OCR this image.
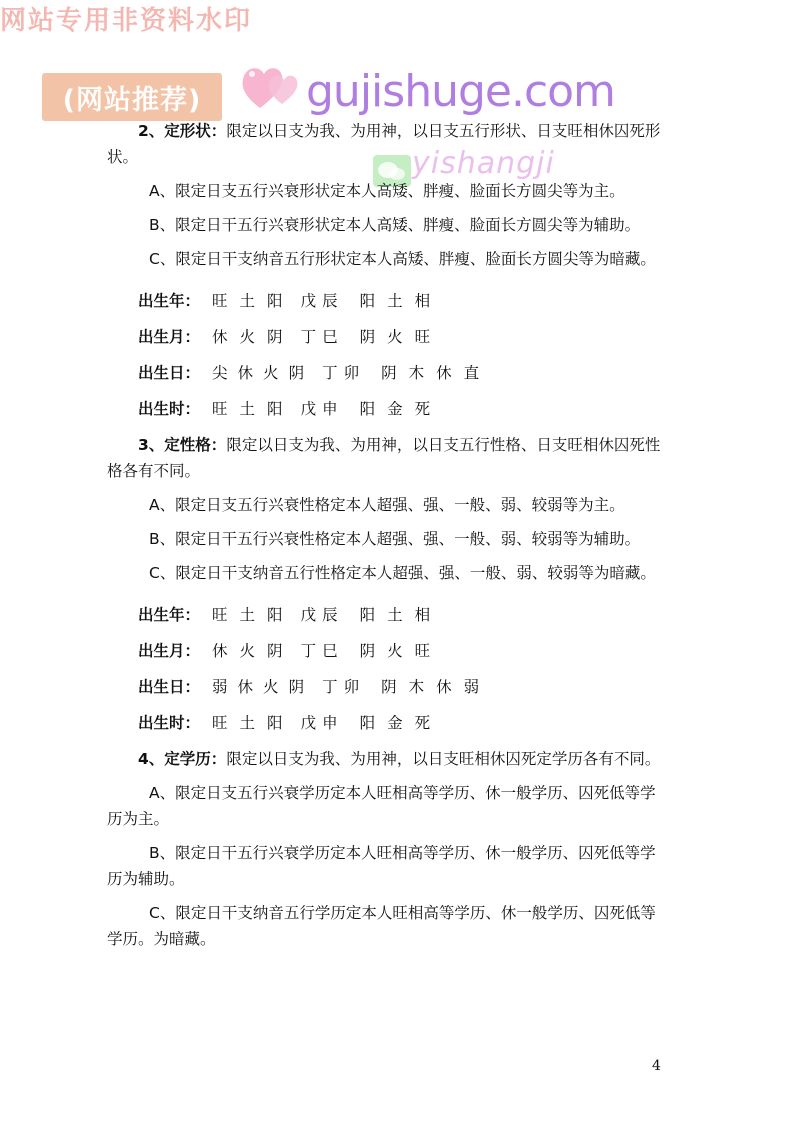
网站专用非资料水印
(网站推荐)	gujishuge.com
yishangji

2、定形状：限定以日支为我、为用神，以日支五行形状、日支旺相休囚死形状。

A、限定日支五行兴衰形状定本人高矮、胖瘦、脸面长方圆尖等为主。

B、限定日干五行兴衰形状定本人高矮、胖瘦、脸面长方圆尖等为辅助。

C、限定日干支纳音五行形状定本人高矮、胖瘦、脸面长方圆尖等为暗藏。

出生年： 旺 土 阳 戊 辰 阳 土 相
出生月： 休 火 阴 丁 巳 阴 火 旺
出生日： 尖 休 火 阴 丁 卯 阴 木 休 直
出生时： 旺 土 阳 戊 申 阳 金 死

3、定性格：限定以日支为我、为用神，以日支五行性格、日支旺相休囚死性格各有不同。

A、限定日支五行兴衰性格定本人超强、强、一般、弱、较弱等为主。

B、限定日干五行兴衰性格定本人超强、强、一般、弱、较弱等为辅助。

C、限定日干支纳音五行性格定本人超强、强、一般、弱、较弱等为暗藏。

出生年： 旺 土 阳 戊 辰 阳 土 相
出生月： 休 火 阴 丁 巳 阴 火 旺
出生日： 弱 休 火 阴 丁 卯 阴 木 休 弱
出生时： 旺 土 阳 戊 申 阳 金 死

4、定学历：限定以日支为我、为用神，以日支旺相休囚死定学历各有不同。

A、限定日支五行兴衰学历定本人旺相高等学历、休一般学历、囚死低等学历为主。

B、限定日干五行兴衰学历定本人旺相高等学历、休一般学历、囚死低等学历为辅助。

C、限定日干支纳音五行学历定本人旺相高等学历、休一般学历、囚死低等学历。为暗藏。

4
